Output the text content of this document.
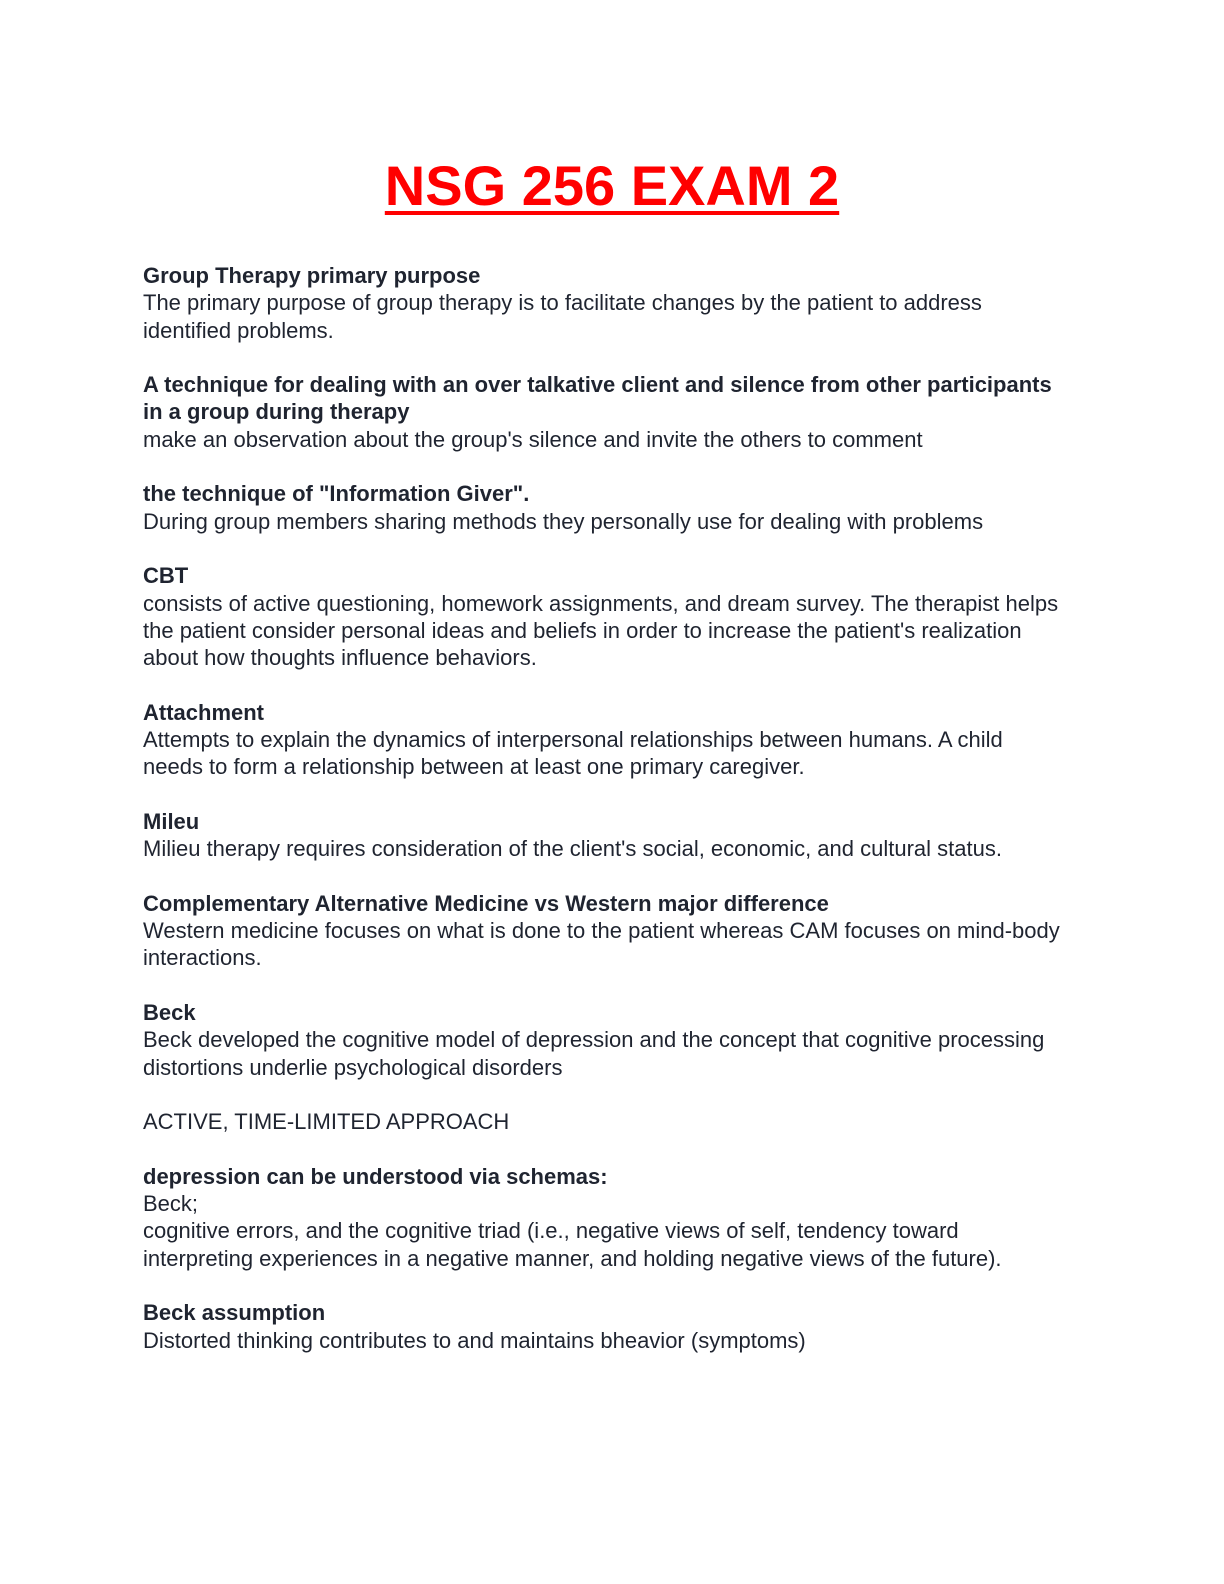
NSG 256 EXAM 2
Group Therapy primary purpose
The primary purpose of group therapy is to facilitate changes by the patient to address identified problems.
A technique for dealing with an over talkative client and silence from other participants in a group during therapy
make an observation about the group's silence and invite the others to comment
the technique of "Information Giver".
During group members sharing methods they personally use for dealing with problems
CBT
consists of active questioning, homework assignments, and dream survey. The therapist helps the patient consider personal ideas and beliefs in order to increase the patient's realization about how thoughts influence behaviors.
Attachment
Attempts to explain the dynamics of interpersonal relationships between humans. A child needs to form a relationship between at least one primary caregiver.
Mileu
Milieu therapy requires consideration of the client's social, economic, and cultural status.
Complementary Alternative Medicine vs Western major difference
Western medicine focuses on what is done to the patient whereas CAM focuses on mind-body interactions.
Beck
Beck developed the cognitive model of depression and the concept that cognitive processing distortions underlie psychological disorders
ACTIVE, TIME-LIMITED APPROACH
depression can be understood via schemas:
Beck;
cognitive errors, and the cognitive triad (i.e., negative views of self, tendency toward interpreting experiences in a negative manner, and holding negative views of the future).
Beck assumption
Distorted thinking contributes to and maintains bheavior (symptoms)
